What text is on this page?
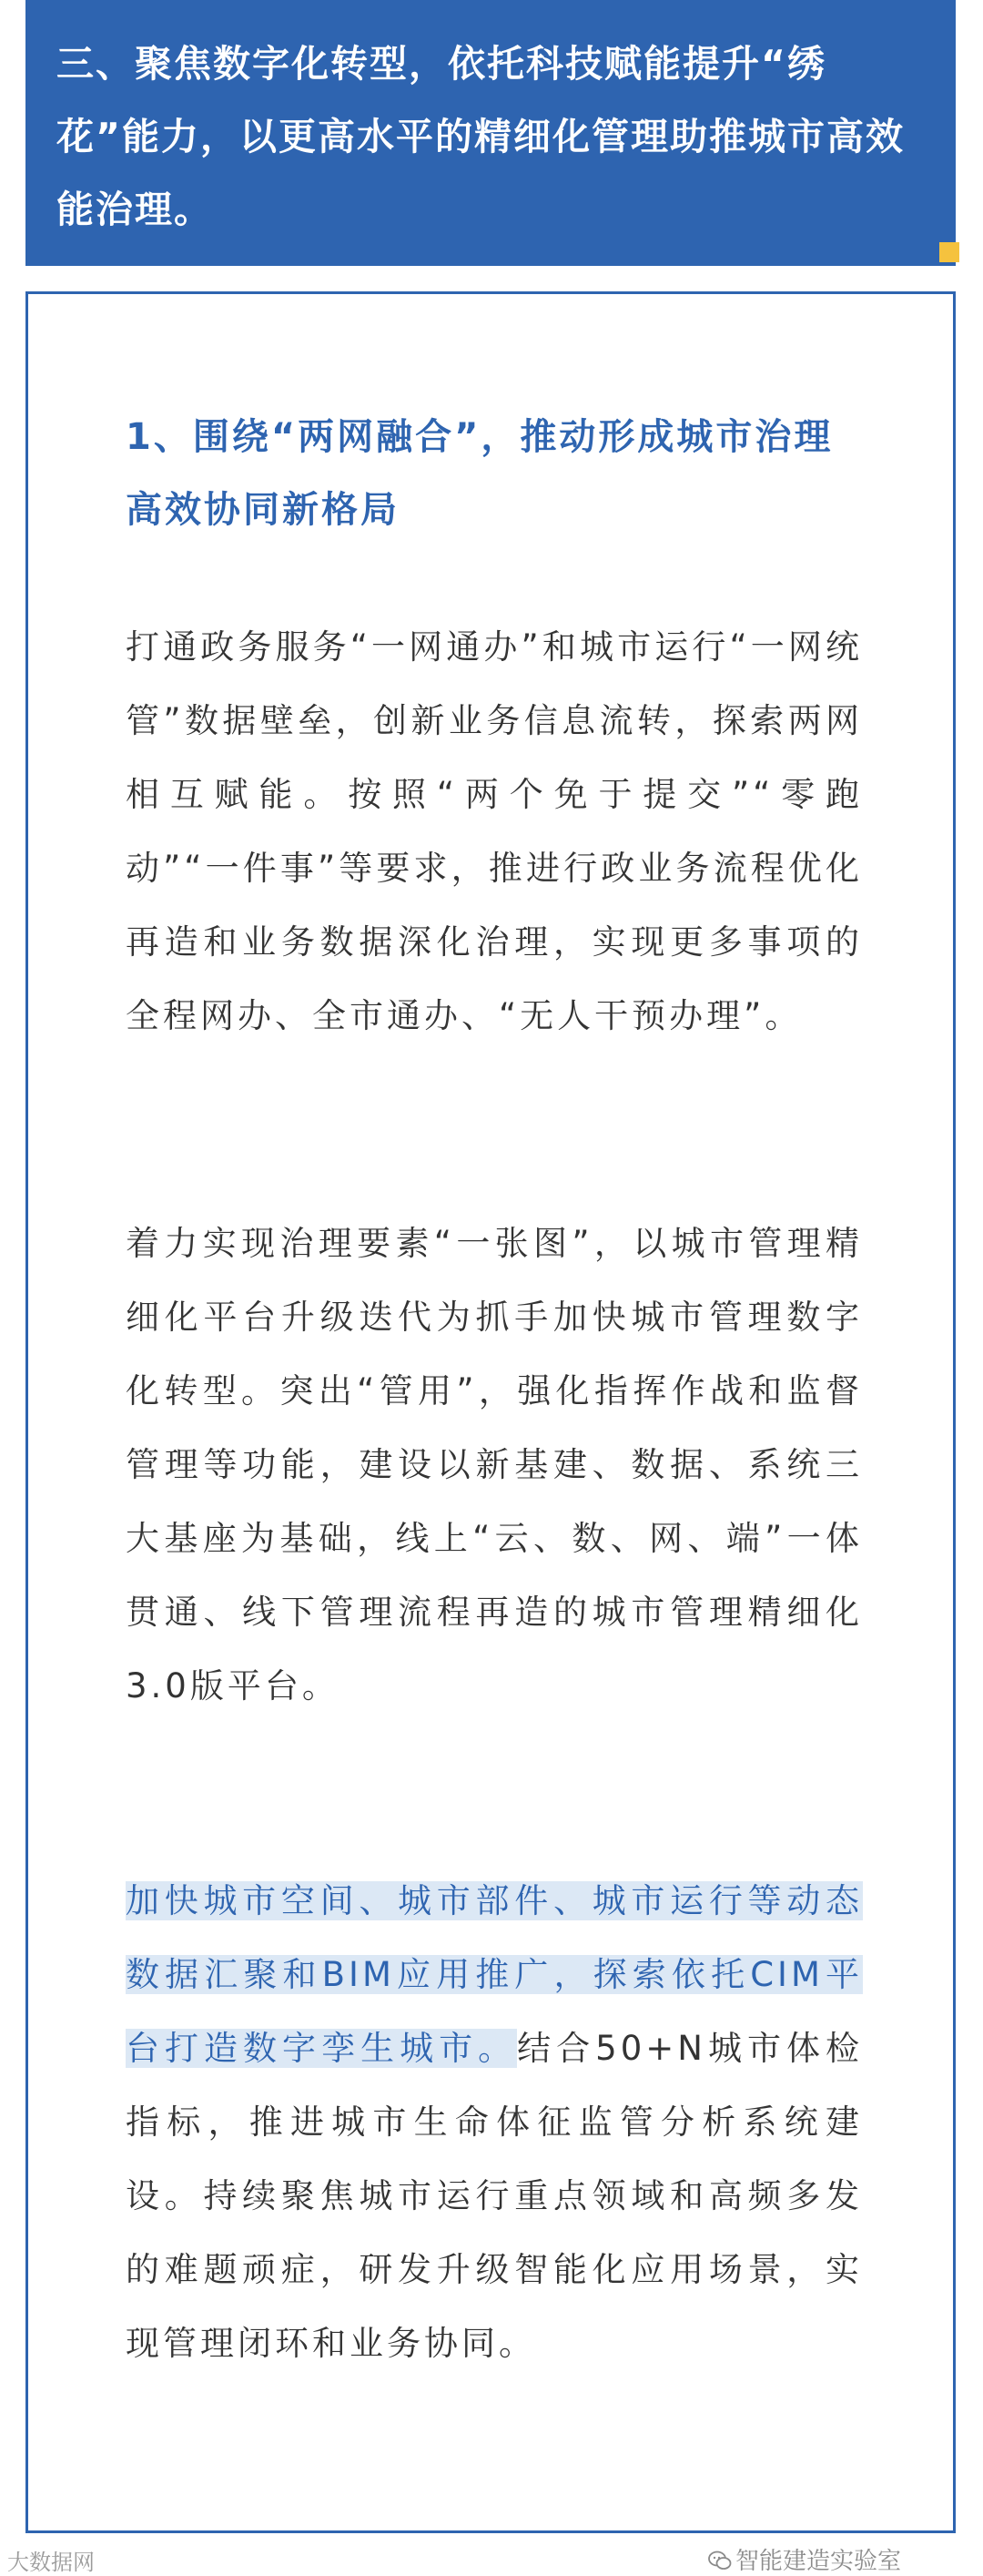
三、聚焦数字化转型，依托科技赋能提升“绣花”能力，以更高水平的精细化管理助推城市高效能治理。
1、围绕“两网融合”，推动形成城市治理高效协同新格局
打通政务服务“一网通办”和城市运行“一网统管”数据壁垒，创新业务信息流转，探索两网相互赋能。按照“两个免于提交”“零跑动”“一件事”等要求，推进行政业务流程优化再造和业务数据深化治理，实现更多事项的全程网办、全市通办、“无人干预办理”。
着力实现治理要素“一张图”，以城市管理精细化平台升级迭代为抓手加快城市管理数字化转型。突出“管用”，强化指挥作战和监督管理等功能，建设以新基建、数据、系统三大基座为基础，线上“云、数、网、端”一体贯通、线下管理流程再造的城市管理精细化3.0版平台。
加快城市空间、城市部件、城市运行等动态数据汇聚和BIM应用推广，探索依托CIM平台打造数字孪生城市。结合50+N城市体检指标，推进城市生命体征监管分析系统建设。持续聚焦城市运行重点领域和高频多发的难题顽症，研发升级智能化应用场景，实现管理闭环和业务协同。
大数据网	智能建造实验室
